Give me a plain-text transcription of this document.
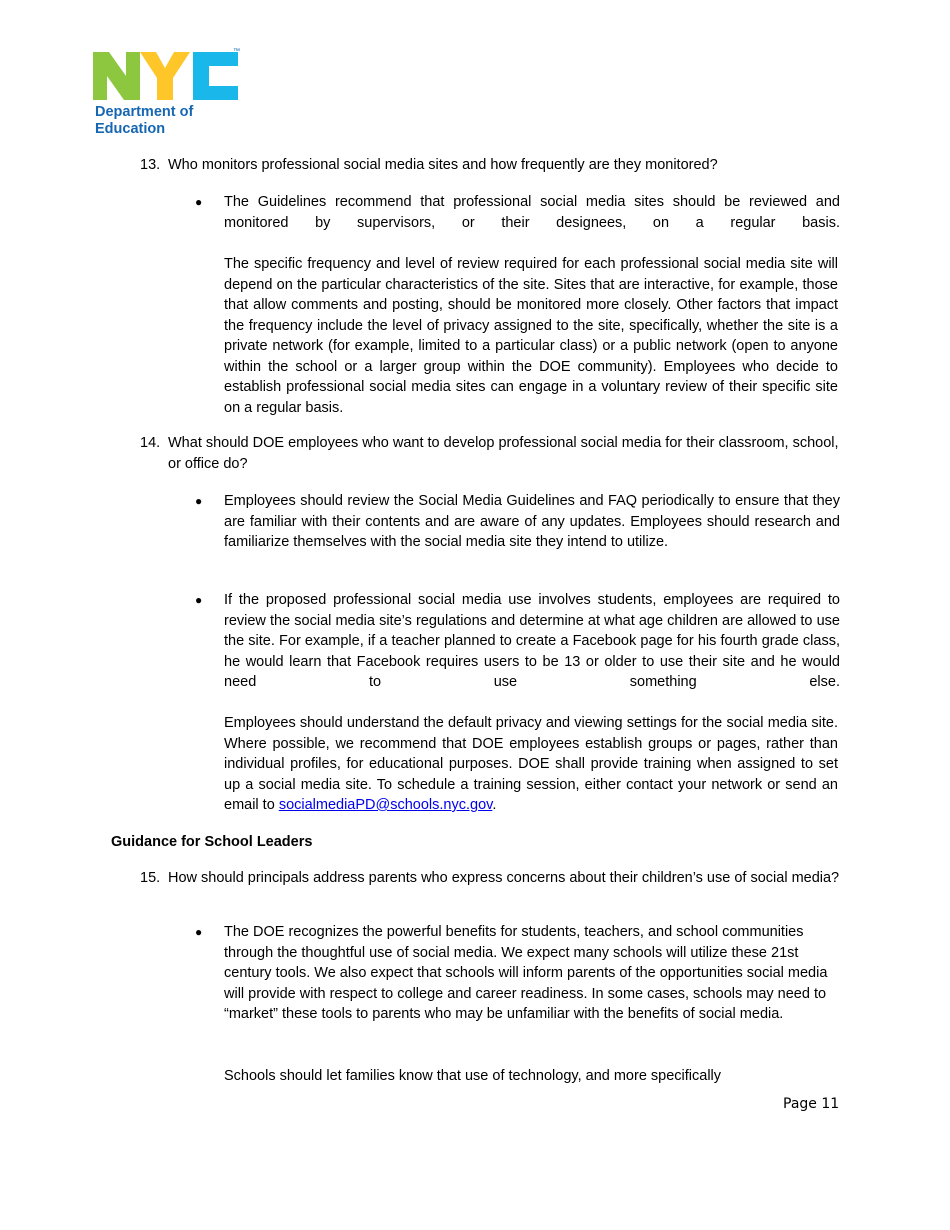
™
Department of
Education
13. Who monitors professional social media sites and how frequently are they monitored?
● The Guidelines recommend that professional social media sites should be reviewed and monitored by supervisors, or their designees, on a regular basis.
The specific frequency and level of review required for each professional social media site will depend on the particular characteristics of the site. Sites that are interactive, for example, those that allow comments and posting, should be monitored more closely. Other factors that impact the frequency include the level of privacy assigned to the site, specifically, whether the site is a private network (for example, limited to a particular class) or a public network (open to anyone within the school or a larger group within the DOE community). Employees who decide to establish professional social media sites can engage in a voluntary review of their specific site on a regular basis.
14. What should DOE employees who want to develop professional social media for their classroom, school, or office do?
● Employees should review the Social Media Guidelines and FAQ periodically to ensure that they are familiar with their contents and are aware of any updates. Employees should research and familiarize themselves with the social media site they intend to utilize.
● If the proposed professional social media use involves students, employees are required to review the social media site’s regulations and determine at what age children are allowed to use the site. For example, if a teacher planned to create a Facebook page for his fourth grade class, he would learn that Facebook requires users to be 13 or older to use their site and he would need to use something else.
Employees should understand the default privacy and viewing settings for the social media site. Where possible, we recommend that DOE employees establish groups or pages, rather than individual profiles, for educational purposes. DOE shall provide training when assigned to set up a social media site. To schedule a training session, either contact your network or send an email to socialmediaPD@schools.nyc.gov.
Guidance for School Leaders
15. How should principals address parents who express concerns about their children’s use of social media?
● The DOE recognizes the powerful benefits for students, teachers, and school communities through the thoughtful use of social media. We expect many schools will utilize these 21st century tools. We also expect that schools will inform parents of the opportunities social media will provide with respect to college and career readiness. In some cases, schools may need to “market” these tools to parents who may be unfamiliar with the benefits of social media.
Schools should let families know that use of technology, and more specifically
Page 11
